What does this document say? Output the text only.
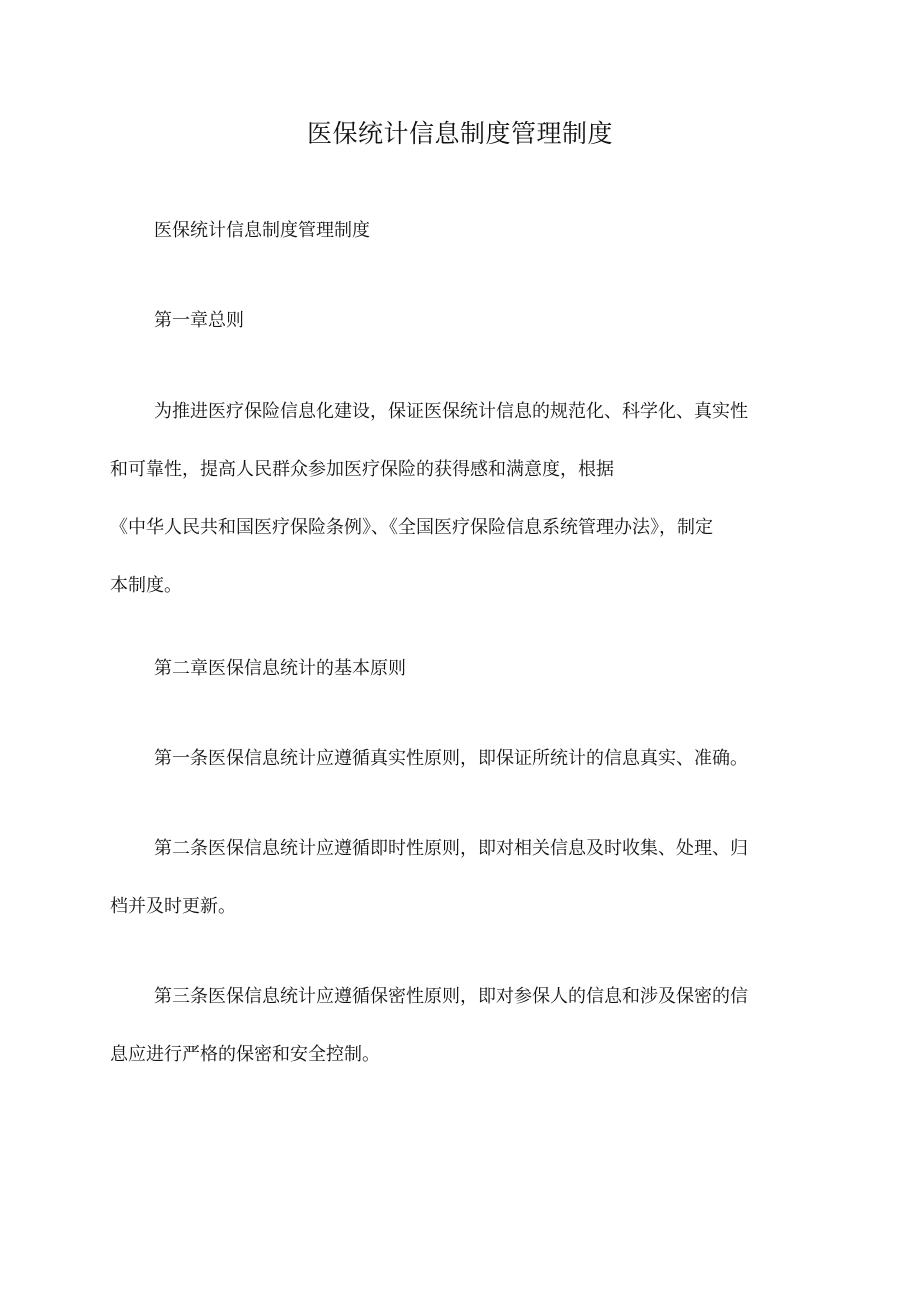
医保统计信息制度管理制度
医保统计信息制度管理制度
第一章总则
为推进医疗保险信息化建设，保证医保统计信息的规范化、科学化、真实性
和可靠性，提高人民群众参加医疗保险的获得感和满意度，根据
《中华人民共和国医疗保险条例》、《全国医疗保险信息系统管理办法》，制定
本制度。
第二章医保信息统计的基本原则
第一条医保信息统计应遵循真实性原则，即保证所统计的信息真实、准确。
第二条医保信息统计应遵循即时性原则，即对相关信息及时收集、处理、归
档并及时更新。
第三条医保信息统计应遵循保密性原则，即对参保人的信息和涉及保密的信
息应进行严格的保密和安全控制。
